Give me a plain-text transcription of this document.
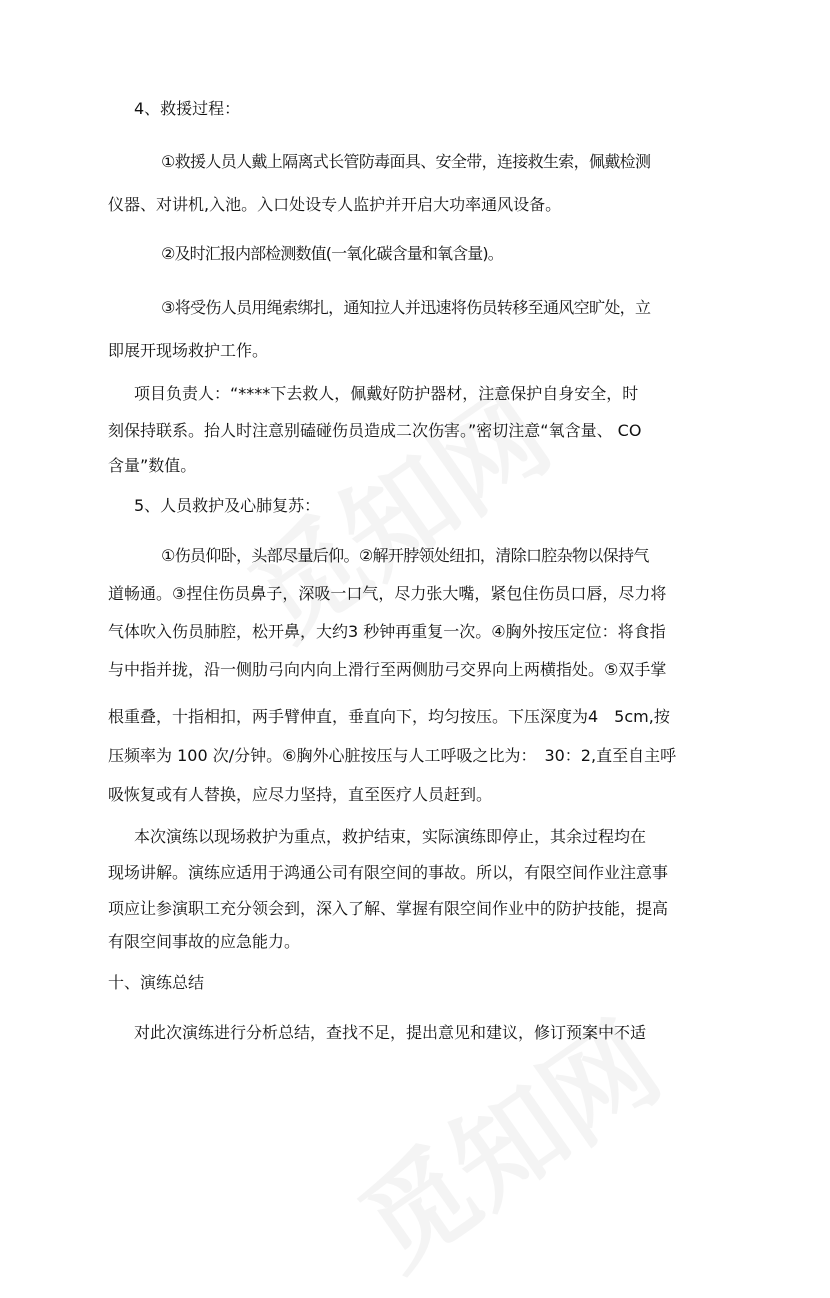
4、救援过程：
①救援人员人戴上隔离式长管防毒面具、安全带，连接救生索，佩戴检测
仪器、对讲机,入池。入口处设专人监护并开启大功率通风设备。
②及时汇报内部检测数值(一氧化碳含量和氧含量)。
③将受伤人员用绳索绑扎，通知拉人并迅速将伤员转移至通风空旷处，立
即展开现场救护工作。
项目负责人：“****下去救人，佩戴好防护器材，注意保护自身安全，时
刻保持联系。抬人时注意别磕碰伤员造成二次伤害。”密切注意“氧含量、 CO
含量”数值。
5、人员救护及心肺复苏：
①伤员仰卧，头部尽量后仰。②解开脖领处纽扣，清除口腔杂物以保持气
道畅通。③捏住伤员鼻子，深吸一口气，尽力张大嘴，紧包住伤员口唇，尽力将
气体吹入伤员肺腔，松开鼻，大约3 秒钟再重复一次。④胸外按压定位：将食指
与中指并拢，沿一侧肋弓向内向上滑行至两侧肋弓交界向上两横指处。⑤双手掌
根重叠，十指相扣，两手臂伸直，垂直向下，均匀按压。下压深度为4　5cm,按
压频率为 100 次/分钟。⑥胸外心脏按压与人工呼吸之比为：　30：2,直至自主呼
吸恢复或有人替换，应尽力坚持，直至医疗人员赶到。
本次演练以现场救护为重点，救护结束，实际演练即停止，其余过程均在
现场讲解。演练应适用于鸿通公司有限空间的事故。所以，有限空间作业注意事
项应让参演职工充分领会到，深入了解、掌握有限空间作业中的防护技能，提高
有限空间事故的应急能力。
十、演练总结
对此次演练进行分析总结，查找不足，提出意见和建议，修订预案中不适
